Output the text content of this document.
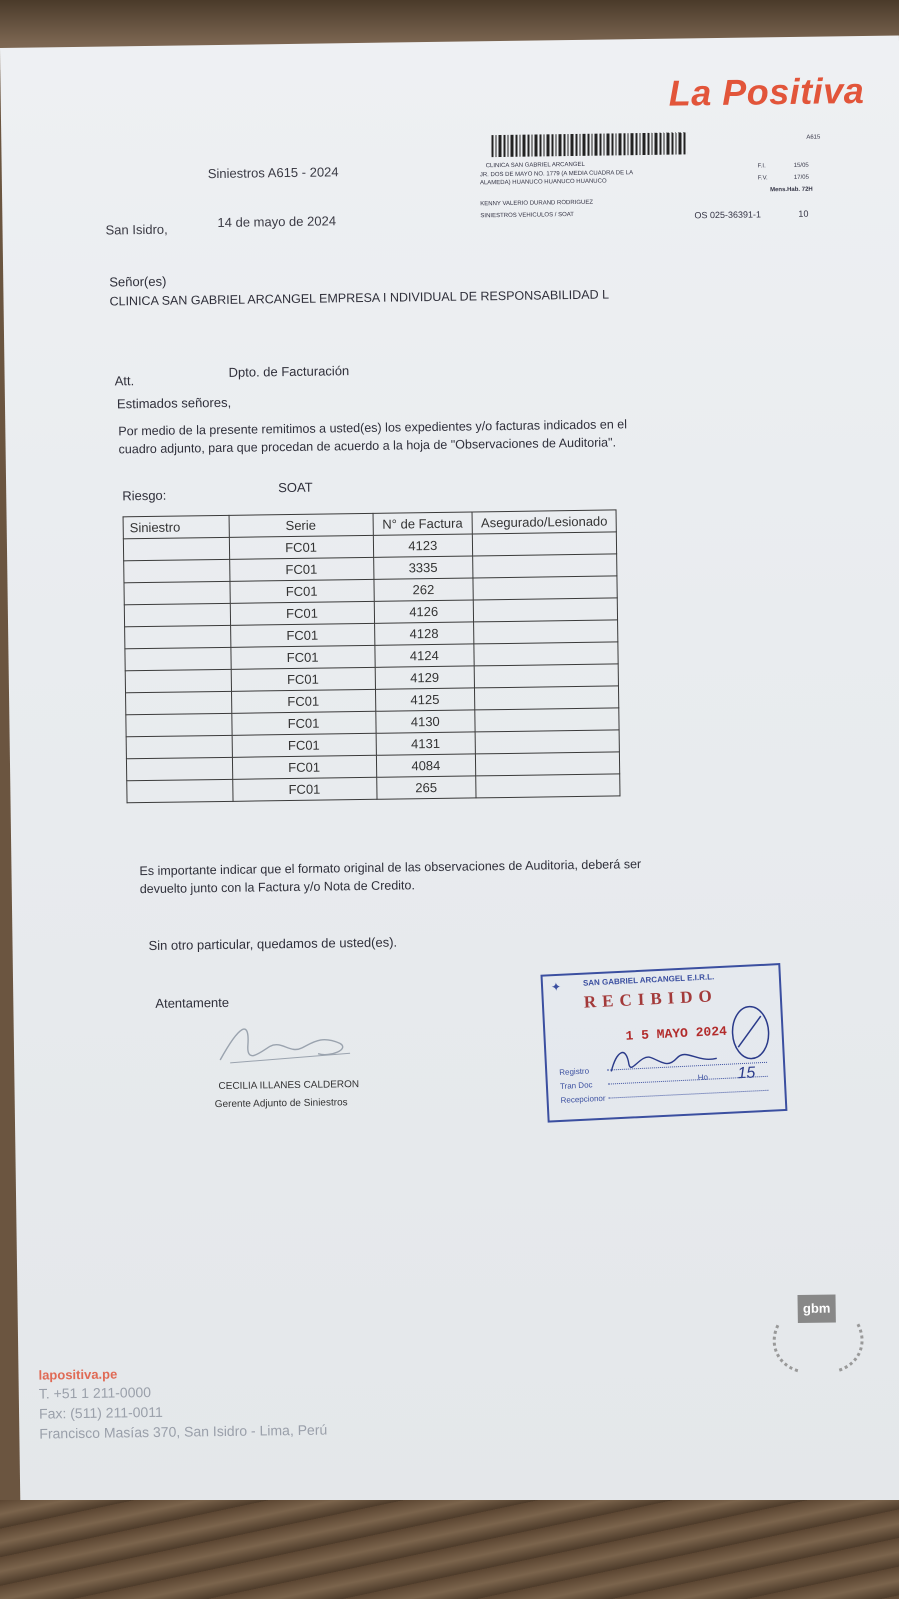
La Positiva
Siniestros A615 - 2024
San Isidro,	14 de mayo de 2024
A615
CLINICA SAN GABRIEL ARCANGEL
JR. DOS DE MAYO NO. 1779 (A MEDIA CUADRA DE LA
ALAMEDA) HUANUCO HUANUCO HUANUCO
KENNY VALERIO DURAND RODRIGUEZ
SINIESTROS VEHICULOS / SOAT
F.I.	15/05
F.V.	17/05
Mens.Hab. 72H
OS 025-36391-1	10
Señor(es)
CLINICA SAN GABRIEL ARCANGEL EMPRESA I NDIVIDUAL DE RESPONSABILIDAD L
Att.
Dpto. de Facturación
Estimados señores,
Por medio de la presente remitimos a usted(es) los expedientes y/o facturas indicados en el
cuadro adjunto, para que procedan de acuerdo a la hoja de "Observaciones de Auditoria".
Riesgo:
SOAT
Siniestro	Serie	N° de Factura	Asegurado/Lesionado
	FC01	4123	
	FC01	3335	
	FC01	262	
	FC01	4126	
	FC01	4128	
	FC01	4124	
	FC01	4129	
	FC01	4125	
	FC01	4130	
	FC01	4131	
	FC01	4084	
	FC01	265	
Es importante indicar que el formato original de las observaciones de Auditoria, deberá ser
devuelto junto con la Factura y/o Nota de Credito.
Sin otro particular, quedamos de usted(es).
Atentamente
CECILIA ILLANES CALDERON
Gerente Adjunto de Siniestros
SAN GABRIEL ARCANGEL E.I.R.L.
✦ RECIBIDO
1 5 MAYO 2024
Registro
Tran Doc
Recepcionor
Ho 15
gbm
lapositiva.pe
T. +51 1 211-0000
Fax: (511) 211-0011
Francisco Masías 370, San Isidro - Lima, Perú
